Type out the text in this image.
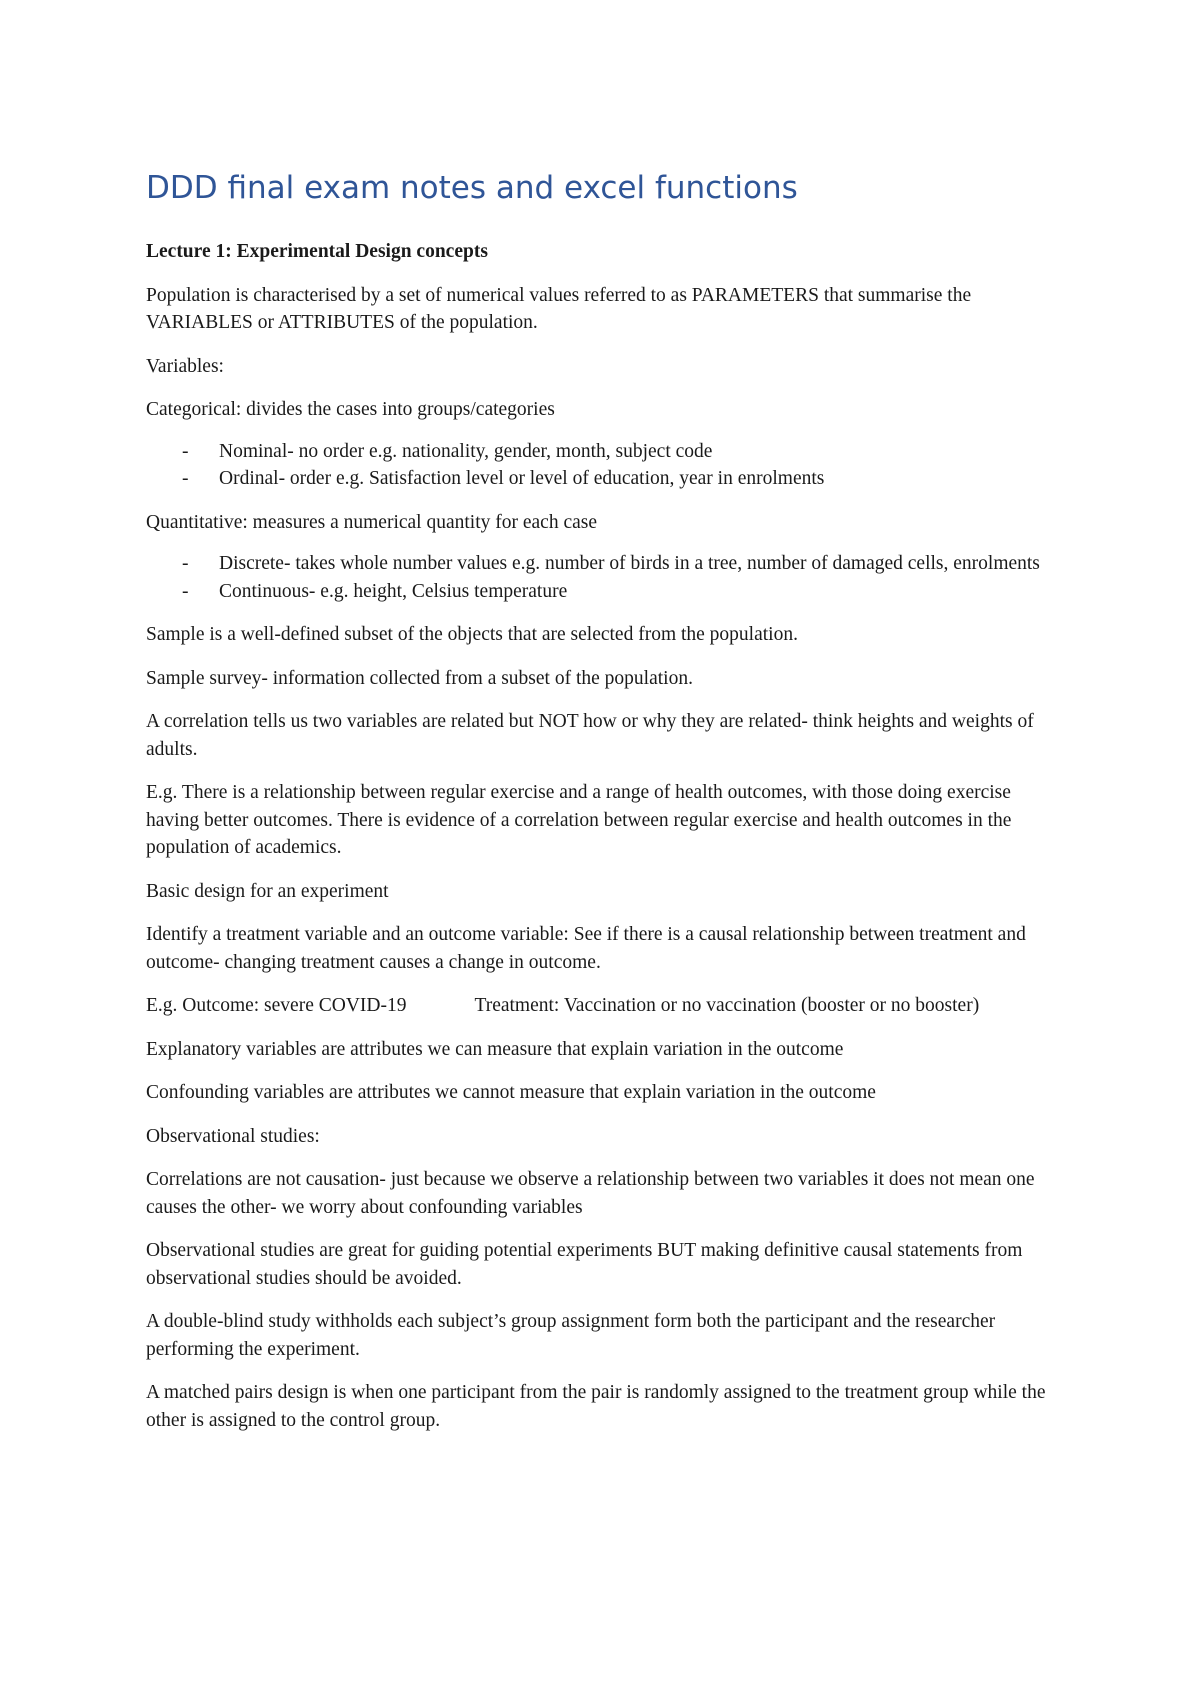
DDD final exam notes and excel functions

Lecture 1: Experimental Design concepts

Population is characterised by a set of numerical values referred to as PARAMETERS that summarise the VARIABLES or ATTRIBUTES of the population.

Variables:

Categorical: divides the cases into groups/categories

- Nominal- no order e.g. nationality, gender, month, subject code
- Ordinal- order e.g. Satisfaction level or level of education, year in enrolments

Quantitative: measures a numerical quantity for each case

- Discrete- takes whole number values e.g. number of birds in a tree, number of damaged cells, enrolments
- Continuous- e.g. height, Celsius temperature

Sample is a well-defined subset of the objects that are selected from the population.

Sample survey- information collected from a subset of the population.

A correlation tells us two variables are related but NOT how or why they are related- think heights and weights of adults.

E.g. There is a relationship between regular exercise and a range of health outcomes, with those doing exercise having better outcomes. There is evidence of a correlation between regular exercise and health outcomes in the population of academics.

Basic design for an experiment

Identify a treatment variable and an outcome variable: See if there is a causal relationship between treatment and outcome- changing treatment causes a change in outcome.

E.g. Outcome: severe COVID-19	Treatment: Vaccination or no vaccination (booster or no booster)

Explanatory variables are attributes we can measure that explain variation in the outcome

Confounding variables are attributes we cannot measure that explain variation in the outcome

Observational studies:

Correlations are not causation- just because we observe a relationship between two variables it does not mean one causes the other- we worry about confounding variables

Observational studies are great for guiding potential experiments BUT making definitive causal statements from observational studies should be avoided.

A double-blind study withholds each subject’s group assignment form both the participant and the researcher performing the experiment.

A matched pairs design is when one participant from the pair is randomly assigned to the treatment group while the other is assigned to the control group.
